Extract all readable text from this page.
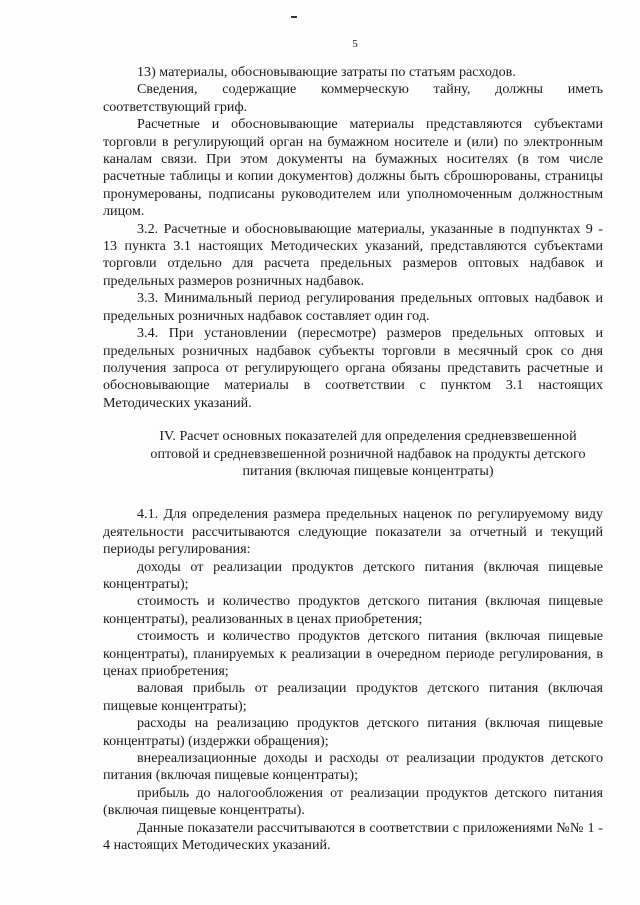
5

13) материалы, обосновывающие затраты по статьям расходов.

Сведения, содержащие коммерческую тайну, должны иметь соответствующий гриф.

Расчетные и обосновывающие материалы представляются субъектами торговли в регулирующий орган на бумажном носителе и (или) по электронным каналам связи. При этом документы на бумажных носителях (в том числе расчетные таблицы и копии документов) должны быть сброшюрованы, страницы пронумерованы, подписаны руководителем или уполномоченным должностным лицом.

3.2. Расчетные и обосновывающие материалы, указанные в подпунктах 9 - 13 пункта 3.1 настоящих Методических указаний, представляются субъектами торговли отдельно для расчета предельных размеров оптовых надбавок и предельных размеров розничных надбавок.

3.3. Минимальный период регулирования предельных оптовых надбавок и предельных розничных надбавок составляет один год.

3.4. При установлении (пересмотре) размеров предельных оптовых и предельных розничных надбавок субъекты торговли в месячный срок со дня получения запроса от регулирующего органа обязаны представить расчетные и обосновывающие материалы в соответствии с пунктом 3.1 настоящих Методических указаний.

IV. Расчет основных показателей для определения средневзвешенной оптовой и средневзвешенной розничной надбавок на продукты детского питания (включая пищевые концентраты)

4.1. Для определения размера предельных наценок по регулируемому виду деятельности рассчитываются следующие показатели за отчетный и текущий периоды регулирования:

доходы от реализации продуктов детского питания (включая пищевые концентраты);

стоимость и количество продуктов детского питания (включая пищевые концентраты), реализованных в ценах приобретения;

стоимость и количество продуктов детского питания (включая пищевые концентраты), планируемых к реализации в очередном периоде регулирования, в ценах приобретения;

валовая прибыль от реализации продуктов детского питания (включая пищевые концентраты);

расходы на реализацию продуктов детского питания (включая пищевые концентраты) (издержки обращения);

внереализационные доходы и расходы от реализации продуктов детского питания (включая пищевые концентраты);

прибыль до налогообложения от реализации продуктов детского питания (включая пищевые концентраты).

Данные показатели рассчитываются в соответствии с приложениями №№ 1 - 4 настоящих Методических указаний.
